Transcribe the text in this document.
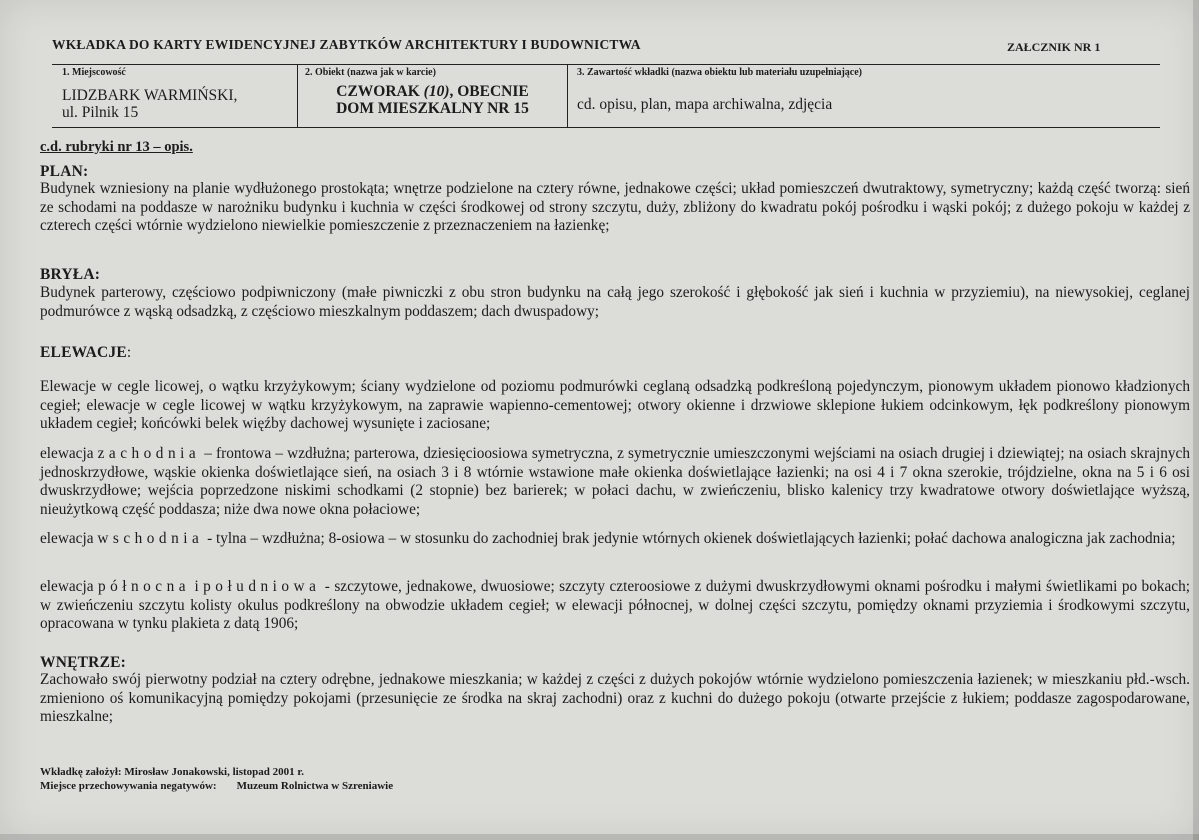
WKŁADKA DO KARTY EWIDENCYJNEJ ZABYTKÓW ARCHITEKTURY I BUDOWNICTWA	ZAŁCZNIK NR 1
1. Miejscowość
LIDZBARK WARMIŃSKI,
ul. Pilnik 15
2. Obiekt (nazwa jak w karcie)
CZWORAK (10), OBECNIE
DOM MIESZKALNY NR 15
3. Zawartość wkładki (nazwa obiektu lub materiału uzupełniające)
cd. opisu, plan, mapa archiwalna, zdjęcia
c.d. rubryki nr 13 – opis.
PLAN:
Budynek wzniesiony na planie wydłużonego prostokąta; wnętrze podzielone na cztery równe, jednakowe części; układ pomieszczeń dwutraktowy, symetryczny; każdą część tworzą: sień ze schodami na poddasze w narożniku budynku i kuchnia w części środkowej od strony szczytu, duży, zbliżony do kwadratu pokój pośrodku i wąski pokój; z dużego pokoju w każdej z czterech części wtórnie wydzielono niewielkie pomieszczenie z przeznaczeniem na łazienkę;
BRYŁA:
Budynek parterowy, częściowo podpiwniczony (małe piwniczki z obu stron budynku na całą jego szerokość i głębokość jak sień i kuchnia w przyziemiu), na niewysokiej, ceglanej podmurówce z wąską odsadzką, z częściowo mieszkalnym poddaszem; dach dwuspadowy;
ELEWACJE:
Elewacje w cegle licowej, o wątku krzyżykowym; ściany wydzielone od poziomu podmurówki ceglaną odsadzką podkreśloną pojedynczym, pionowym układem pionowo kładzionych cegieł; elewacje w cegle licowej w wątku krzyżykowym, na zaprawie wapienno-cementowej; otwory okienne i drzwiowe sklepione łukiem odcinkowym, łęk podkreślony pionowym układem cegieł; końcówki belek więźby dachowej wysunięte i zaciosane;
elewacja zachodnia – frontowa – wzdłużna; parterowa, dziesięcioosiowa symetryczna, z symetrycznie umieszczonymi wejściami na osiach drugiej i dziewiątej; na osiach skrajnych jednoskrzydłowe, wąskie okienka doświetlające sień, na osiach 3 i 8 wtórnie wstawione małe okienka doświetlające łazienki; na osi 4 i 7 okna szerokie, trójdzielne, okna na 5 i 6 osi dwuskrzydłowe; wejścia poprzedzone niskimi schodkami (2 stopnie) bez barierek; w połaci dachu, w zwieńczeniu, blisko kalenicy trzy kwadratowe otwory doświetlające wyższą, nieużytkową część poddasza; niże dwa nowe okna połaciowe;
elewacja wschodnia - tylna – wzdłużna; 8-osiowa – w stosunku do zachodniej brak jedynie wtórnych okienek doświetlających łazienki; połać dachowa analogiczna jak zachodnia;
elewacja północna i południowa - szczytowe, jednakowe, dwuosiowe; szczyty czteroosiowe z dużymi dwuskrzydłowymi oknami pośrodku i małymi świetlikami po bokach; w zwieńczeniu szczytu kolisty okulus podkreślony na obwodzie układem cegieł; w elewacji północnej, w dolnej części szczytu, pomiędzy oknami przyziemia i środkowymi szczytu, opracowana w tynku plakieta z datą 1906;
WNĘTRZE:
Zachowało swój pierwotny podział na cztery odrębne, jednakowe mieszkania; w każdej z części z dużych pokojów wtórnie wydzielono pomieszczenia łazienek; w mieszkaniu płd.-wsch. zmieniono oś komunikacyjną pomiędzy pokojami (przesunięcie ze środka na skraj zachodni) oraz z kuchni do dużego pokoju (otwarte przejście z łukiem; poddasze zagospodarowane, mieszkalne;
Wkładkę założył: Mirosław Jonakowski, listopad 2001 r.
Miejsce przechowywania negatywów: Muzeum Rolnictwa w Szreniawie
